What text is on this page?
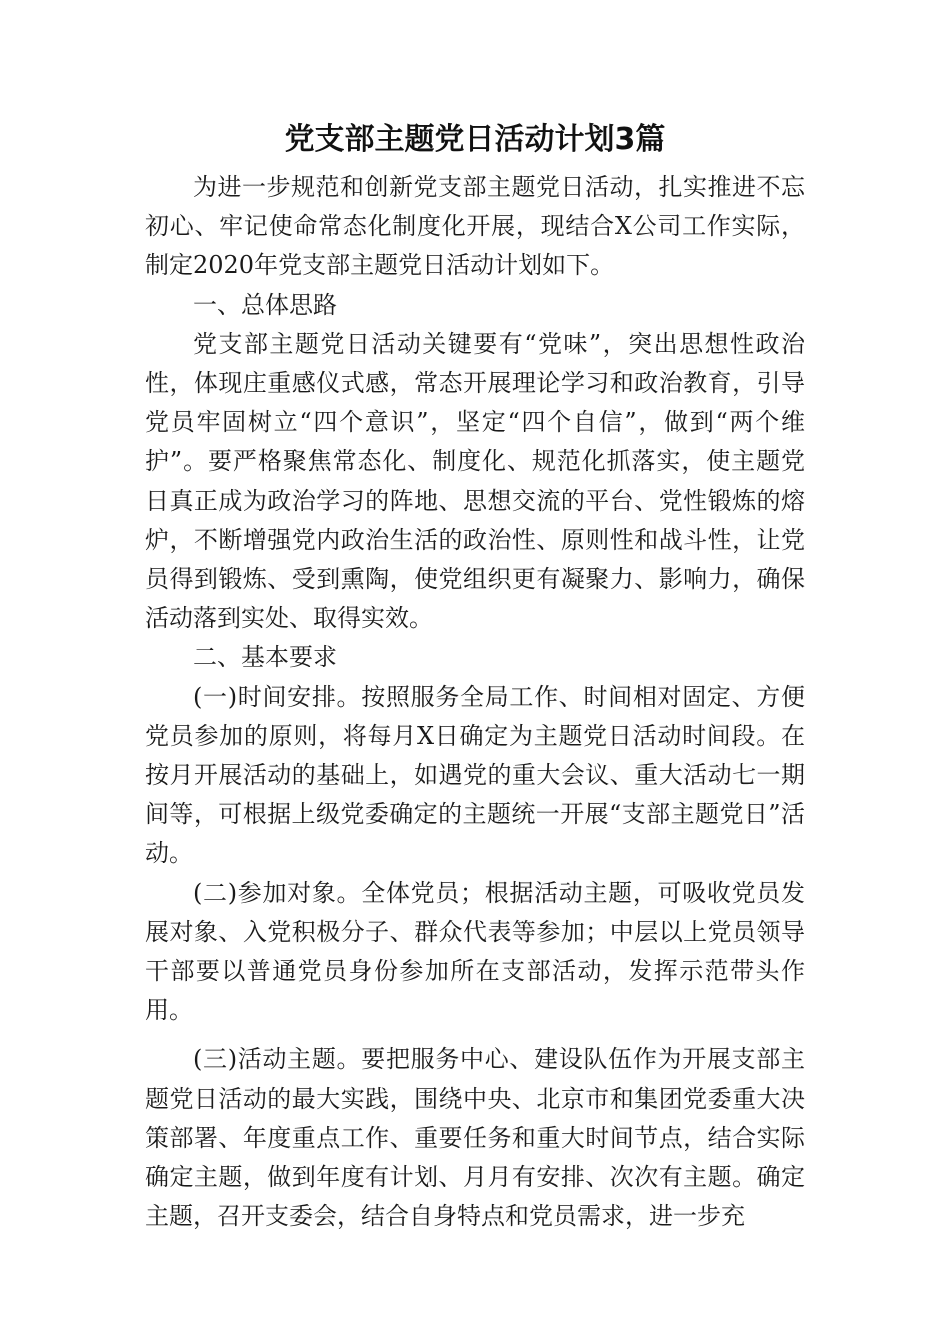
党支部主题党日活动计划3篇

为进一步规范和创新党支部主题党日活动，扎实推进不忘初心、牢记使命常态化制度化开展，现结合X公司工作实际，制定2020年党支部主题党日活动计划如下。

一、总体思路

党支部主题党日活动关键要有“党味”，突出思想性政治性，体现庄重感仪式感，常态开展理论学习和政治教育，引导党员牢固树立“四个意识”，坚定“四个自信”，做到“两个维护”。要严格聚焦常态化、制度化、规范化抓落实，使主题党日真正成为政治学习的阵地、思想交流的平台、党性锻炼的熔炉，不断增强党内政治生活的政治性、原则性和战斗性，让党员得到锻炼、受到熏陶，使党组织更有凝聚力、影响力，确保活动落到实处、取得实效。

二、基本要求

(一)时间安排。按照服务全局工作、时间相对固定、方便党员参加的原则，将每月X日确定为主题党日活动时间段。在按月开展活动的基础上，如遇党的重大会议、重大活动七一期间等，可根据上级党委确定的主题统一开展“支部主题党日”活动。

(二)参加对象。全体党员；根据活动主题，可吸收党员发展对象、入党积极分子、群众代表等参加；中层以上党员领导干部要以普通党员身份参加所在支部活动，发挥示范带头作用。

(三)活动主题。要把服务中心、建设队伍作为开展支部主题党日活动的最大实践，围绕中央、北京市和集团党委重大决策部署、年度重点工作、重要任务和重大时间节点，结合实际确定主题，做到年度有计划、月月有安排、次次有主题。确定主题，召开支委会，结合自身特点和党员需求，进一步充
